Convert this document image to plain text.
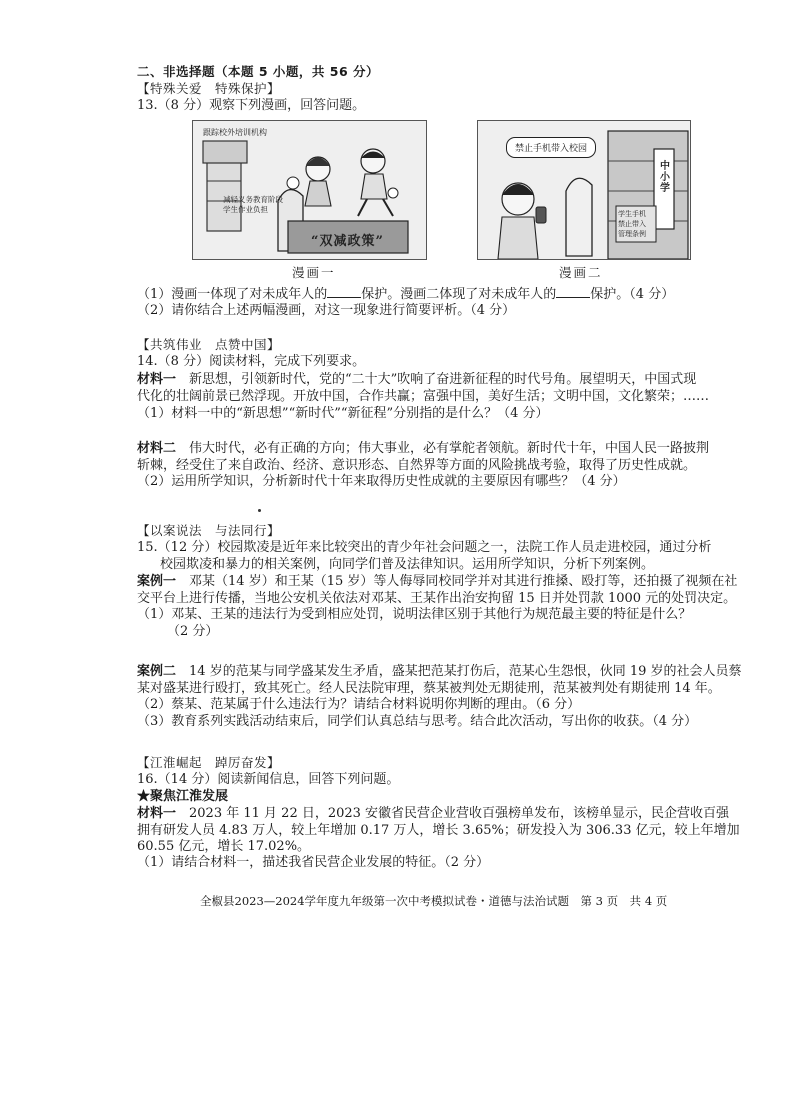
二、非选择题（本题 5 小题，共 56 分）
【特殊关爱　特殊保护】
13.（8 分）观察下列漫画，回答问题。
跟踪校外培训机构
减轻义务教育阶段
学生作业负担
“双减政策”
漫画一
禁止手机带入校园
中小学
学生手机
禁止带入
管理条例
漫画二
（1）漫画一体现了对未成年人的	保护。漫画二体现了对未成年人的	保护。（4 分）
（2）请你结合上述两幅漫画，对这一现象进行简要评析。（4 分）
【共筑伟业　点赞中国】
14.（8 分）阅读材料，完成下列要求。
材料一　新思想，引领新时代，党的“二十大”吹响了奋进新征程的时代号角。展望明天，中国式现
代化的壮阔前景已然浮现。开放中国，合作共赢；富强中国，美好生活；文明中国，文化繁荣；……
（1）材料一中的“新思想”“新时代”“新征程”分别指的是什么？（4 分）
材料二　伟大时代，必有正确的方向；伟大事业，必有掌舵者领航。新时代十年，中国人民一路披荆
斩棘，经受住了来自政治、经济、意识形态、自然界等方面的风险挑战考验，取得了历史性成就。
（2）运用所学知识，分析新时代十年来取得历史性成就的主要原因有哪些？（4 分）
【以案说法　与法同行】
15.（12 分）校园欺凌是近年来比较突出的青少年社会问题之一，法院工作人员走进校园，通过分析
校园欺凌和暴力的相关案例，向同学们普及法律知识。运用所学知识，分析下列案例。
案例一　邓某（14 岁）和王某（15 岁）等人侮辱同校同学并对其进行推搡、殴打等，还拍摄了视频在社
交平台上进行传播，当地公安机关依法对邓某、王某作出治安拘留 15 日并处罚款 1000 元的处罚决定。
（1）邓某、王某的违法行为受到相应处罚，说明法律区别于其他行为规范最主要的特征是什么？
（2 分）
案例二　14 岁的范某与同学盛某发生矛盾，盛某把范某打伤后，范某心生怨恨，伙同 19 岁的社会人员蔡
某对盛某进行殴打，致其死亡。经人民法院审理，蔡某被判处无期徒刑，范某被判处有期徒刑 14 年。
（2）蔡某、范某属于什么违法行为？请结合材料说明你判断的理由。（6 分）
（3）教育系列实践活动结束后，同学们认真总结与思考。结合此次活动，写出你的收获。（4 分）
【江淮崛起　踔厉奋发】
16.（14 分）阅读新闻信息，回答下列问题。
★聚焦江淮发展
材料一　2023 年 11 月 22 日，2023 安徽省民营企业营收百强榜单发布，该榜单显示，民企营收百强
拥有研发人员 4.83 万人，较上年增加 0.17 万人，增长 3.65%；研发投入为 306.33 亿元，较上年增加
60.55 亿元，增长 17.02%。
（1）请结合材料一，描述我省民营企业发展的特征。（2 分）
全椒县2023—2024学年度九年级第一次中考模拟试卷・道德与法治试题　第 3 页　共 4 页
